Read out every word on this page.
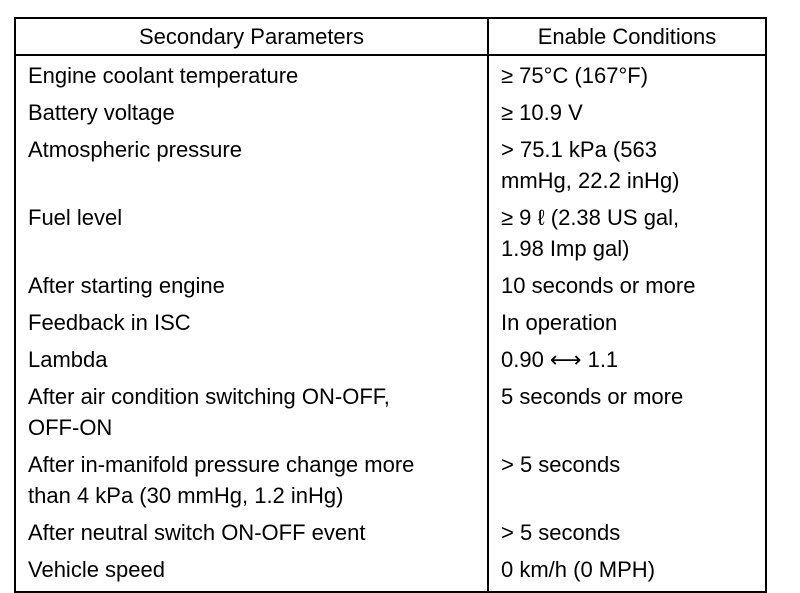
Secondary Parameters	Enable Conditions
Engine coolant temperature	≥ 75°C (167°F)
Battery voltage	≥ 10.9 V
Atmospheric pressure	> 75.1 kPa (563
mmHg, 22.2 inHg)
Fuel level	≥ 9 ℓ (2.38 US gal,
1.98 Imp gal)
After starting engine	10 seconds or more
Feedback in ISC	In operation
Lambda	0.90 ⟷ 1.1
After air condition switching ON-OFF,
OFF-ON	5 seconds or more
After in-manifold pressure change more
than 4 kPa (30 mmHg, 1.2 inHg)	> 5 seconds
After neutral switch ON-OFF event	> 5 seconds
Vehicle speed	0 km/h (0 MPH)
